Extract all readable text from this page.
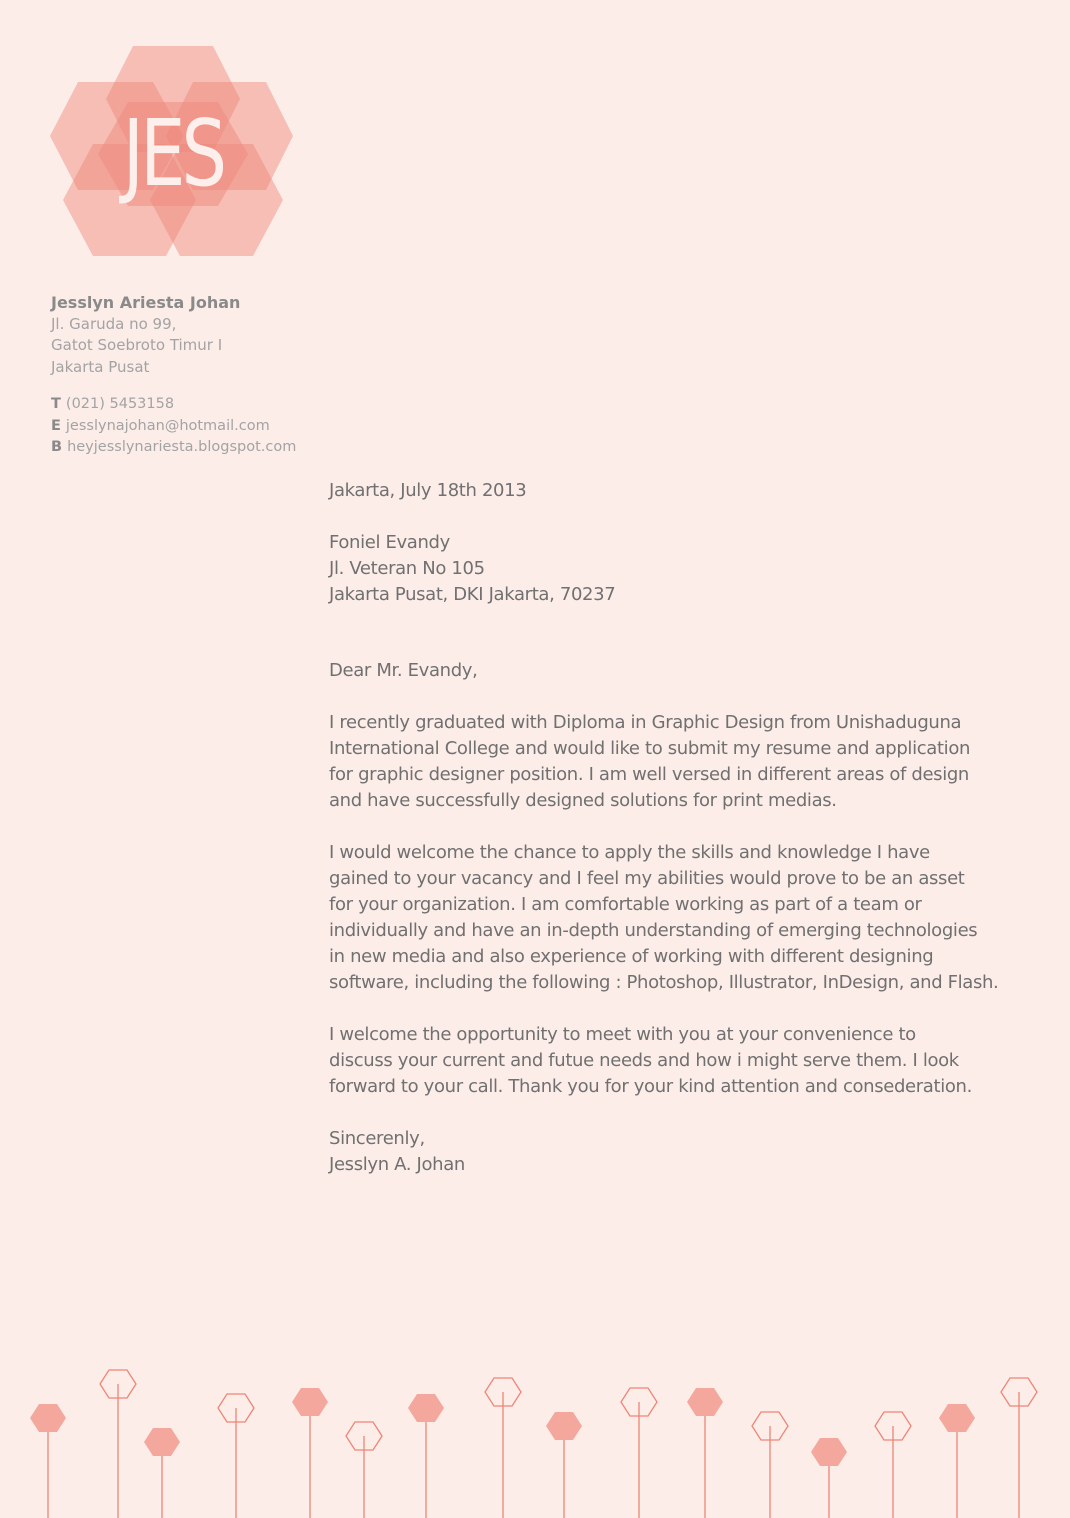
JES
Jesslyn Ariesta Johan
Jl. Garuda no 99,
Gatot Soebroto Timur I
Jakarta Pusat
T (021) 5453158
E jesslynajohan@hotmail.com
B heyjesslynariesta.blogspot.com
Jakarta, July 18th 2013
Foniel Evandy
Jl. Veteran No 105
Jakarta Pusat, DKI Jakarta, 70237
Dear Mr. Evandy,
I recently graduated with Diploma in Graphic Design from Unishaduguna
International College and would like to submit my resume and application
for graphic designer position. I am well versed in different areas of design
and have successfully designed solutions for print medias.
I would welcome the chance to apply the skills and knowledge I have
gained to your vacancy and I feel my abilities would prove to be an asset
for your organization. I am comfortable working as part of a team or
individually and have an in-depth understanding of emerging technologies
in new media and also experience of working with different designing
software, including the following : Photoshop, Illustrator, InDesign, and Flash.
I welcome the opportunity to meet with you at your convenience to
discuss your current and futue needs and how i might serve them. I look
forward to your call. Thank you for your kind attention and consederation.
Sincerenly,
Jesslyn A. Johan
